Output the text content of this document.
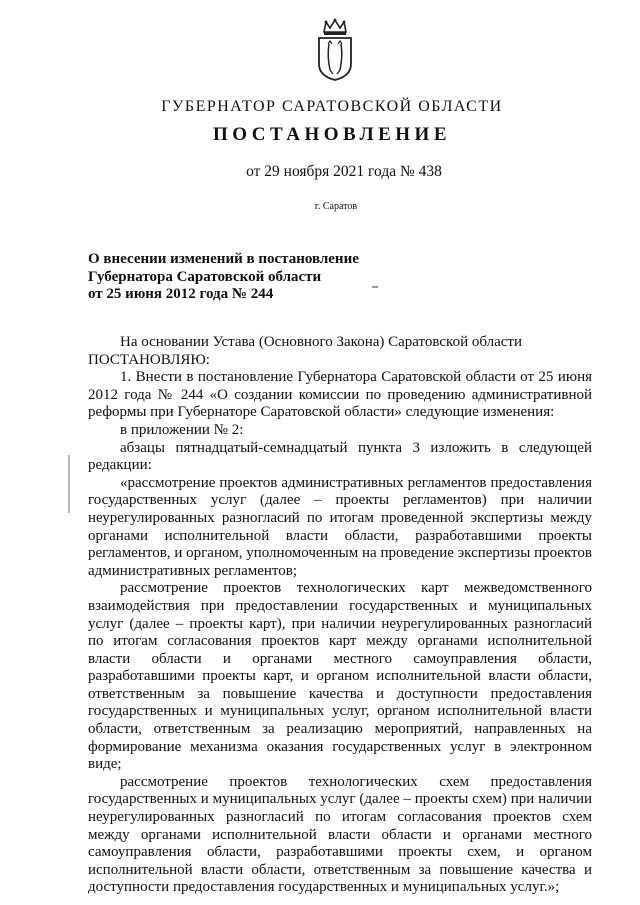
ГУБЕРНАТОР САРАТОВСКОЙ ОБЛАСТИ
ПОСТАНОВЛЕНИЕ
от 29 ноября 2021 года № 438
г. Саратов
О внесении изменений в постановление
Губернатора Саратовской области
от 25 июня 2012 года № 244

На основании Устава (Основного Закона) Саратовской области

ПОСТАНОВЛЯЮ:

1. Внести в постановление Губернатора Саратовской области от 25 июня 2012 года № 244 «О создании комиссии по проведению административной реформы при Губернаторе Саратовской области» следующие изменения:

в приложении № 2:

абзацы пятнадцатый-семнадцатый пункта 3 изложить в следующей редакции:

«рассмотрение проектов административных регламентов предоставления государственных услуг (далее – проекты регламентов) при наличии неурегулированных разногласий по итогам проведенной экспертизы между органами исполнительной власти области, разработавшими проекты регламентов, и органом, уполномоченным на проведение экспертизы проектов административных регламентов;

рассмотрение проектов технологических карт межведомственного взаимодействия при предоставлении государственных и муниципальных услуг (далее – проекты карт), при наличии неурегулированных разногласий по итогам согласования проектов карт между органами исполнительной власти области и органами местного самоуправления области, разработавшими проекты карт, и органом исполнительной власти области, ответственным за повышение качества и доступности предоставления государственных и муниципальных услуг, органом исполнительной власти области, ответственным за реализацию мероприятий, направленных на формирование механизма оказания государственных услуг в электронном виде;

рассмотрение проектов технологических схем предоставления государственных и муниципальных услуг (далее – проекты схем) при наличии неурегулированных разногласий по итогам согласования проектов схем между органами исполнительной власти области и органами местного самоуправления области, разработавшими проекты схем, и органом исполнительной власти области, ответственным за повышение качества и доступности предоставления государственных и муниципальных услуг.»;
